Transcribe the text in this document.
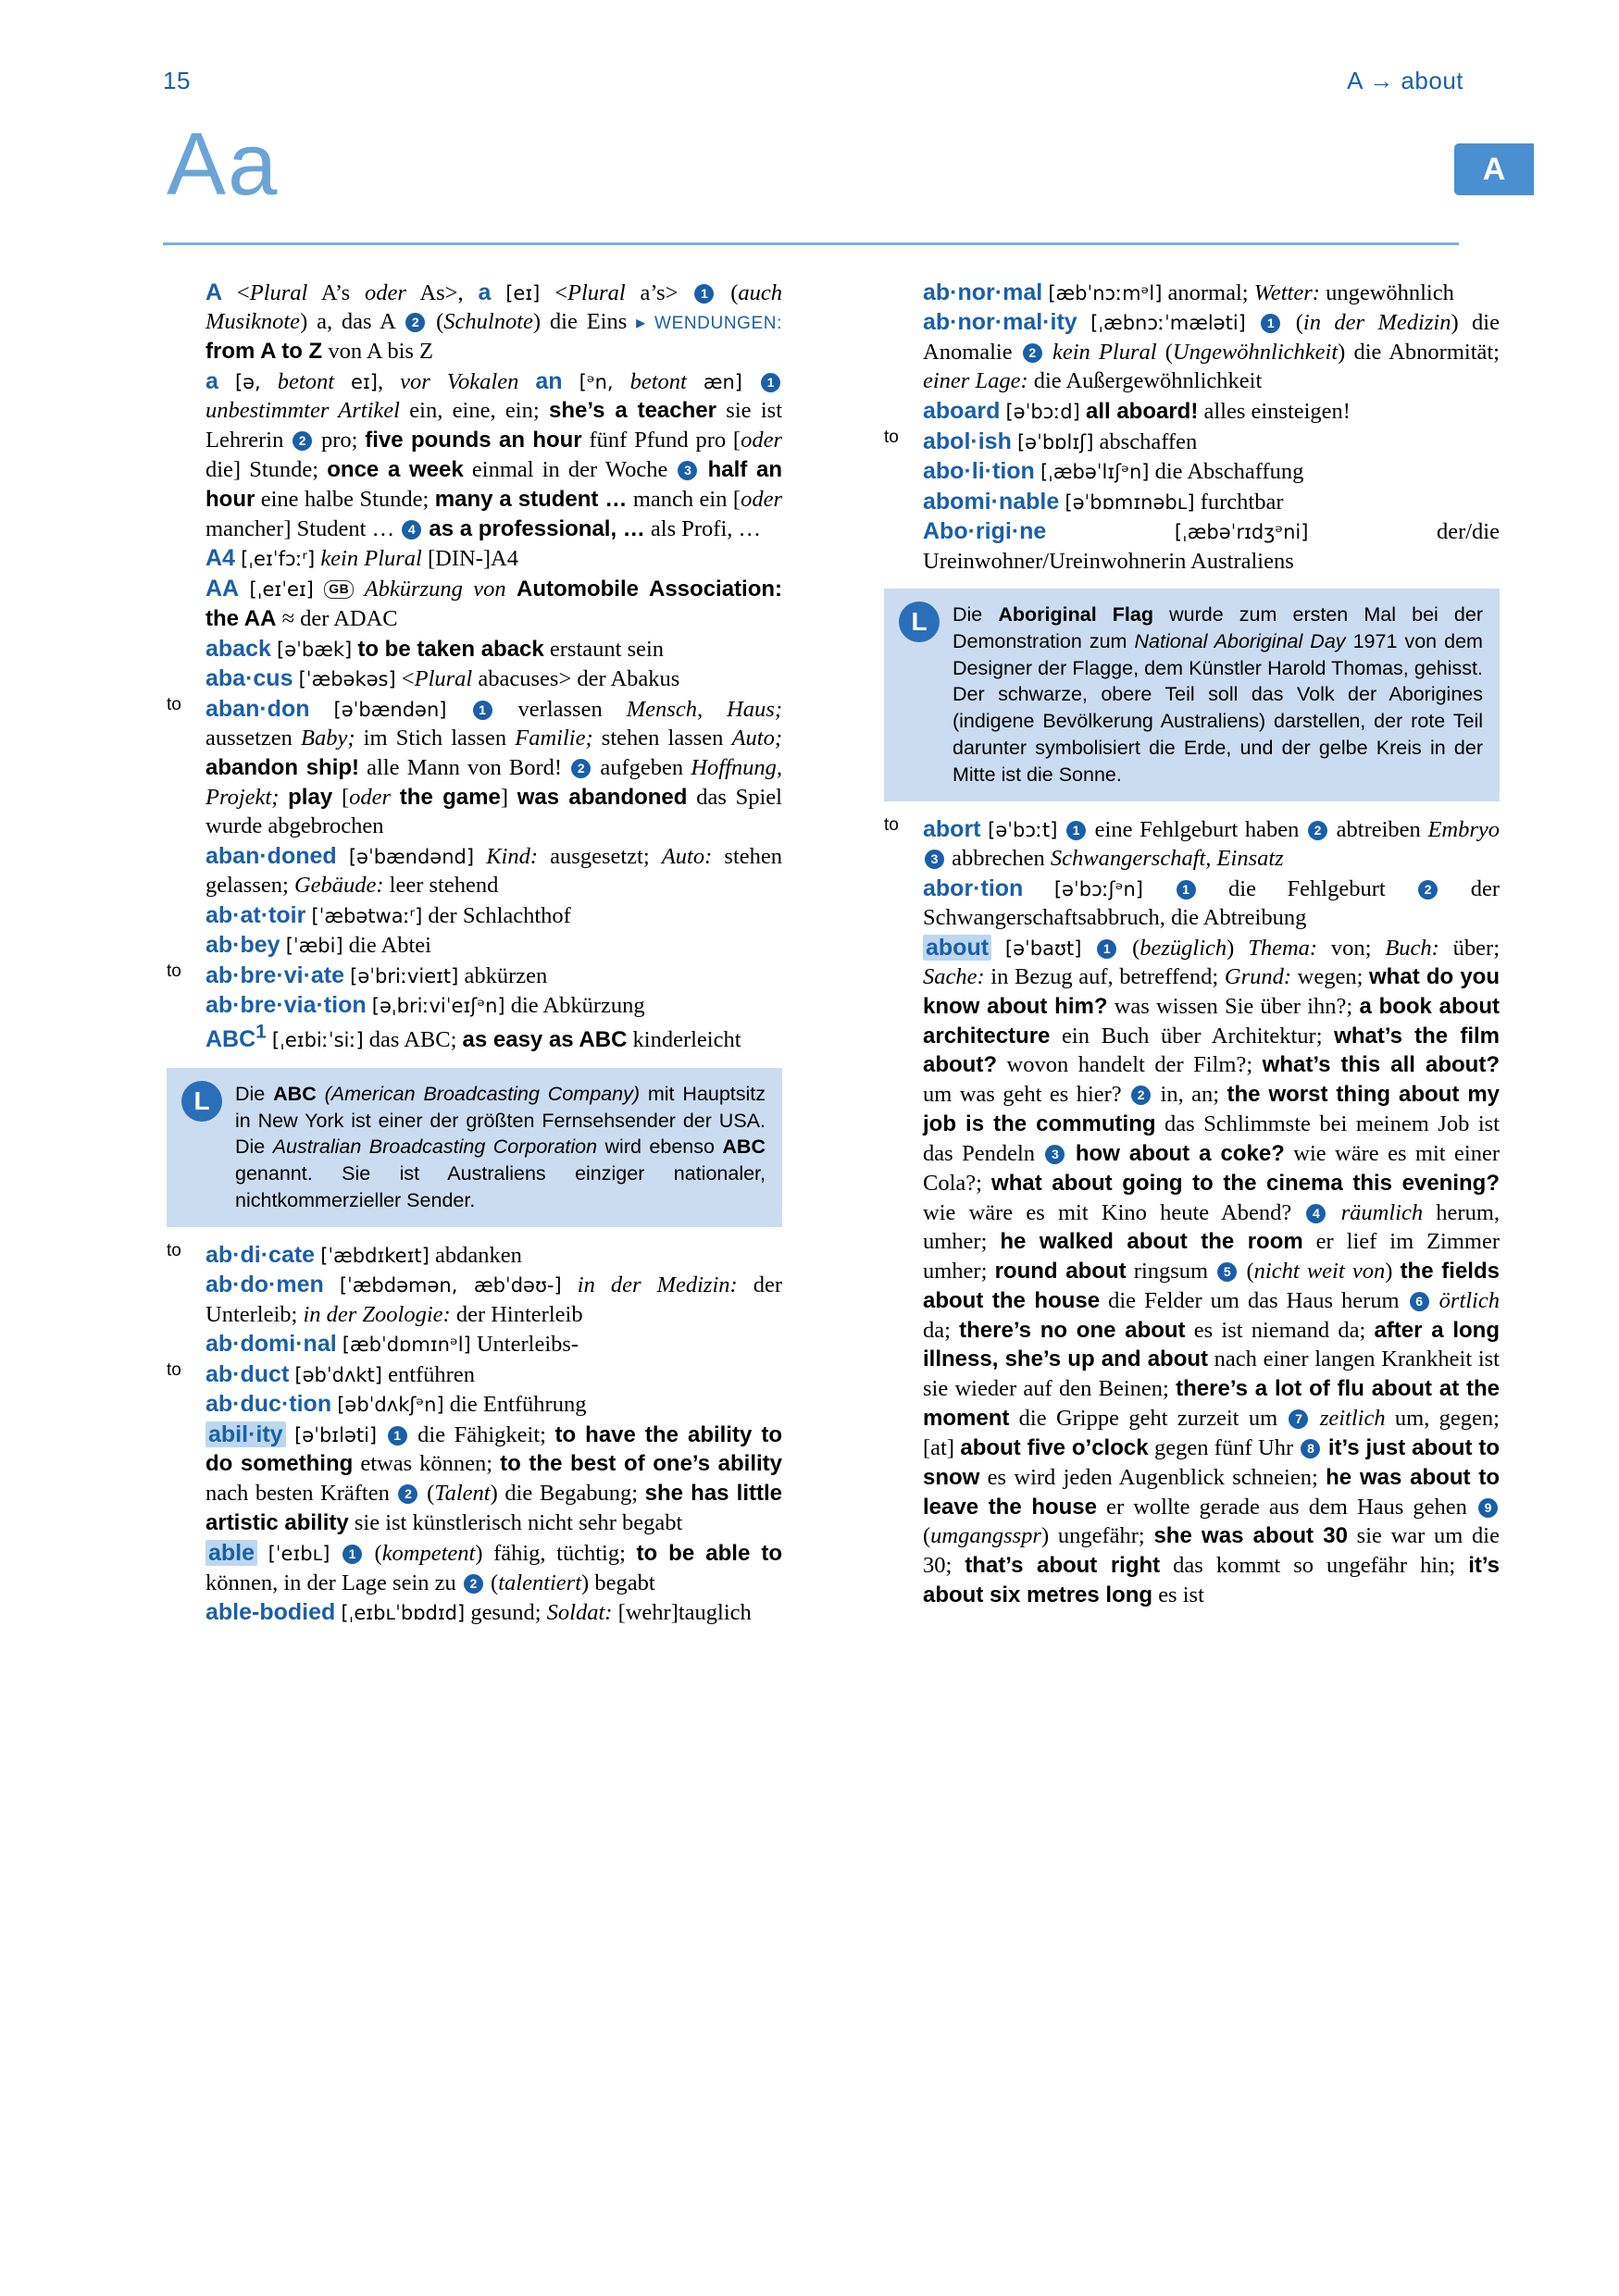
15	A → about
Aa	A
A <Plural A’s oder As>, a [eɪ] <Plural a’s> 1 (auch Musiknote) a, das A 2 (Schulnote) die Eins ▸ WENDUNGEN: from A to Z von A bis Z
a [ə, betont eɪ], vor Vokalen an [ᵊn, betont æn] 1 unbestimmter Artikel ein, eine, ein; she’s a teacher sie ist Lehrerin 2 pro; five pounds an hour fünf Pfund pro [oder die] Stunde; once a week einmal in der Woche 3 half an hour eine halbe Stunde; many a student … manch ein [oder mancher] Student … 4 as a professional, … als Profi, …
A4 [ˌeɪˈfɔːʳ] kein Plural [DIN-]A4
AA [ˌeɪˈeɪ] GB Abkürzung von Automobile Association: the AA ≈ der ADAC
aback [əˈbæk] to be taken aback erstaunt sein
aba·cus [ˈæbəkəs] <Plural abacuses> der Abakus
to aban·don [əˈbændən] 1 verlassen Mensch, Haus; aussetzen Baby; im Stich lassen Familie; stehen lassen Auto; abandon ship! alle Mann von Bord! 2 aufgeben Hoffnung, Projekt; play [oder the game] was abandoned das Spiel wurde abgebrochen
aban·doned [əˈbændənd] Kind: ausgesetzt; Auto: stehen gelassen; Gebäude: leer stehend
ab·at·toir [ˈæbətwaːʳ] der Schlachthof
ab·bey [ˈæbi] die Abtei
to ab·bre·vi·ate [əˈbriːvieɪt] abkürzen
ab·bre·via·tion [əˌbriːviˈeɪʃᵊn] die Abkürzung
ABC$^1$ [ˌeɪbiːˈsiː] das ABC; as easy as ABC kinderleicht
L	Die ABC (American Broadcasting Company) mit Hauptsitz in New York ist einer der größten Fernsehsender der USA. Die Australian Broadcasting Corporation wird ebenso ABC genannt. Sie ist Australiens einziger nationaler, nichtkommerzieller Sender.

to ab·di·cate [ˈæbdɪkeɪt] abdanken
ab·do·men [ˈæbdəmən, æbˈdəʊ-] in der Medizin: der Unterleib; in der Zoologie: der Hinterleib
ab·domi·nal [æbˈdɒmɪnᵊl] Unterleibs-
to ab·duct [əbˈdʌkt] entführen
ab·duc·tion [əbˈdʌkʃᵊn] die Entführung
abil·ity [əˈbɪləti] 1 die Fähigkeit; to have the ability to do something etwas können; to the best of one’s ability nach besten Kräften 2 (Talent) die Begabung; she has little artistic ability sie ist künstlerisch nicht sehr begabt
able [ˈeɪbʟ] 1 (kompetent) fähig, tüchtig; to be able to können, in der Lage sein zu 2 (talentiert) begabt
able-bodied [ˌeɪbʟˈbɒdɪd] gesund; Soldat: [wehr]tauglich
ab·nor·mal [æbˈnɔːmᵊl] anormal; Wetter: ungewöhnlich
ab·nor·mal·ity [ˌæbnɔːˈmæləti] 1 (in der Medizin) die Anomalie 2 kein Plural (Ungewöhnlichkeit) die Abnormität; einer Lage: die Außergewöhnlichkeit
aboard [əˈbɔːd] all aboard! alles einsteigen!
to abol·ish [əˈbɒlɪʃ] abschaffen
abo·li·tion [ˌæbəˈlɪʃᵊn] die Abschaffung
abomi·nable [əˈbɒmɪnəbʟ] furchtbar
Abo·rigi·ne	[ˌæbəˈrɪdʒᵊni] der/die Ureinwohner/Ureinwohnerin Australiens
L	Die Aboriginal Flag wurde zum ersten Mal bei der Demonstration zum National Aboriginal Day 1971 von dem Designer der Flagge, dem Künstler Harold Thomas, gehisst. Der schwarze, obere Teil soll das Volk der Aborigines (indigene Bevölkerung Australiens) darstellen, der rote Teil darunter symbolisiert die Erde, und der gelbe Kreis in der Mitte ist die Sonne.

to abort [əˈbɔːt] 1 eine Fehlgeburt haben 2 abtreiben Embryo 3 abbrechen Schwangerschaft, Einsatz
abor·tion [əˈbɔːʃᵊn]	1 die Fehlgeburt 2 der Schwangerschaftsabbruch, die Abtreibung
about [əˈbaʊt] 1 (bezüglich) Thema: von; Buch: über; Sache: in Bezug auf, betreffend; Grund: wegen; what do you know about him? was wissen Sie über ihn?; a book about architecture ein Buch über Architektur; what’s the film about? wovon handelt der Film?; what’s this all about? um was geht es hier? 2 in, an; the worst thing about my job is the commuting das Schlimmste bei meinem Job ist das Pendeln 3 how about a coke? wie wäre es mit einer Cola?; what about going to the cinema this evening? wie wäre es mit Kino heute Abend? 4 räumlich herum, umher; he walked about the room er lief im Zimmer umher; round about ringsum 5 (nicht weit von) the fields about the house die Felder um das Haus herum 6 örtlich da; there’s no one about es ist niemand da; after a long illness, she’s up and about nach einer langen Krankheit ist sie wieder auf den Beinen; there’s a lot of flu about at the moment die Grippe geht zurzeit um 7 zeitlich um, gegen; [at] about five o’clock gegen fünf Uhr 8 it’s just about to snow es wird jeden Augenblick schneien; he was about to leave the house er wollte gerade aus dem Haus gehen 9 (umgangsspr) ungefähr; she was about 30 sie war um die 30; that’s about right das kommt so ungefähr hin; it’s about six metres long es ist
